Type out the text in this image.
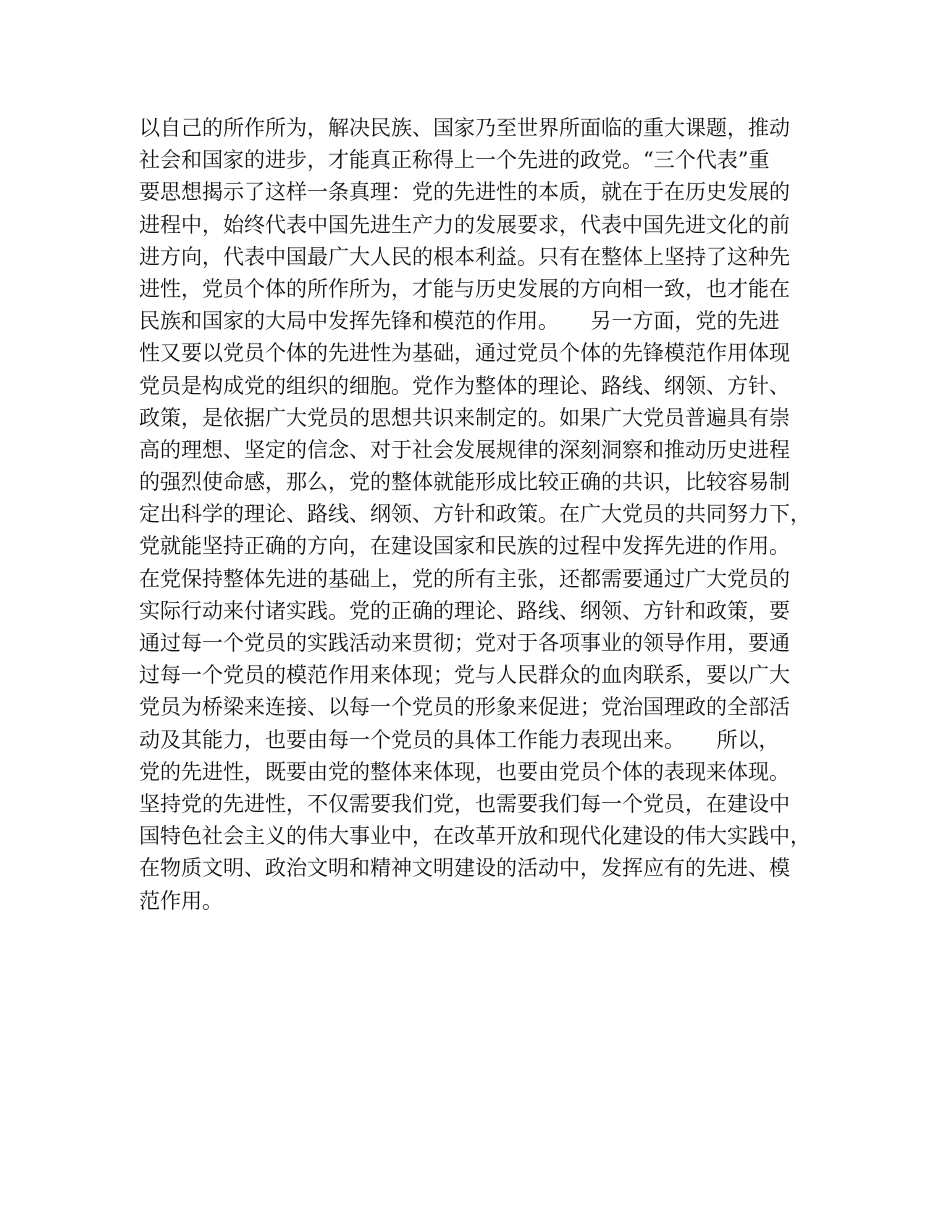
以自己的所作所为，解决民族、国家乃至世界所面临的重大课题，推动
社会和国家的进步，才能真正称得上一个先进的政党。“三个代表”重
要思想揭示了这样一条真理：党的先进性的本质，就在于在历史发展的
进程中，始终代表中国先进生产力的发展要求，代表中国先进文化的前
进方向，代表中国最广大人民的根本利益。只有在整体上坚持了这种先
进性，党员个体的所作所为，才能与历史发展的方向相一致，也才能在
民族和国家的大局中发挥先锋和模范的作用。　　另一方面，党的先进
性又要以党员个体的先进性为基础，通过党员个体的先锋模范作用体现
党员是构成党的组织的细胞。党作为整体的理论、路线、纲领、方针、
政策，是依据广大党员的思想共识来制定的。如果广大党员普遍具有崇
高的理想、坚定的信念、对于社会发展规律的深刻洞察和推动历史进程
的强烈使命感，那么，党的整体就能形成比较正确的共识，比较容易制
定出科学的理论、路线、纲领、方针和政策。在广大党员的共同努力下，
党就能坚持正确的方向，在建设国家和民族的过程中发挥先进的作用。
在党保持整体先进的基础上，党的所有主张，还都需要通过广大党员的
实际行动来付诸实践。党的正确的理论、路线、纲领、方针和政策，要
通过每一个党员的实践活动来贯彻；党对于各项事业的领导作用，要通
过每一个党员的模范作用来体现；党与人民群众的血肉联系，要以广大
党员为桥梁来连接、以每一个党员的形象来促进；党治国理政的全部活
动及其能力，也要由每一个党员的具体工作能力表现出来。　　所以，
党的先进性，既要由党的整体来体现，也要由党员个体的表现来体现。
坚持党的先进性，不仅需要我们党，也需要我们每一个党员，在建设中
国特色社会主义的伟大事业中，在改革开放和现代化建设的伟大实践中，
在物质文明、政治文明和精神文明建设的活动中，发挥应有的先进、模
范作用。
